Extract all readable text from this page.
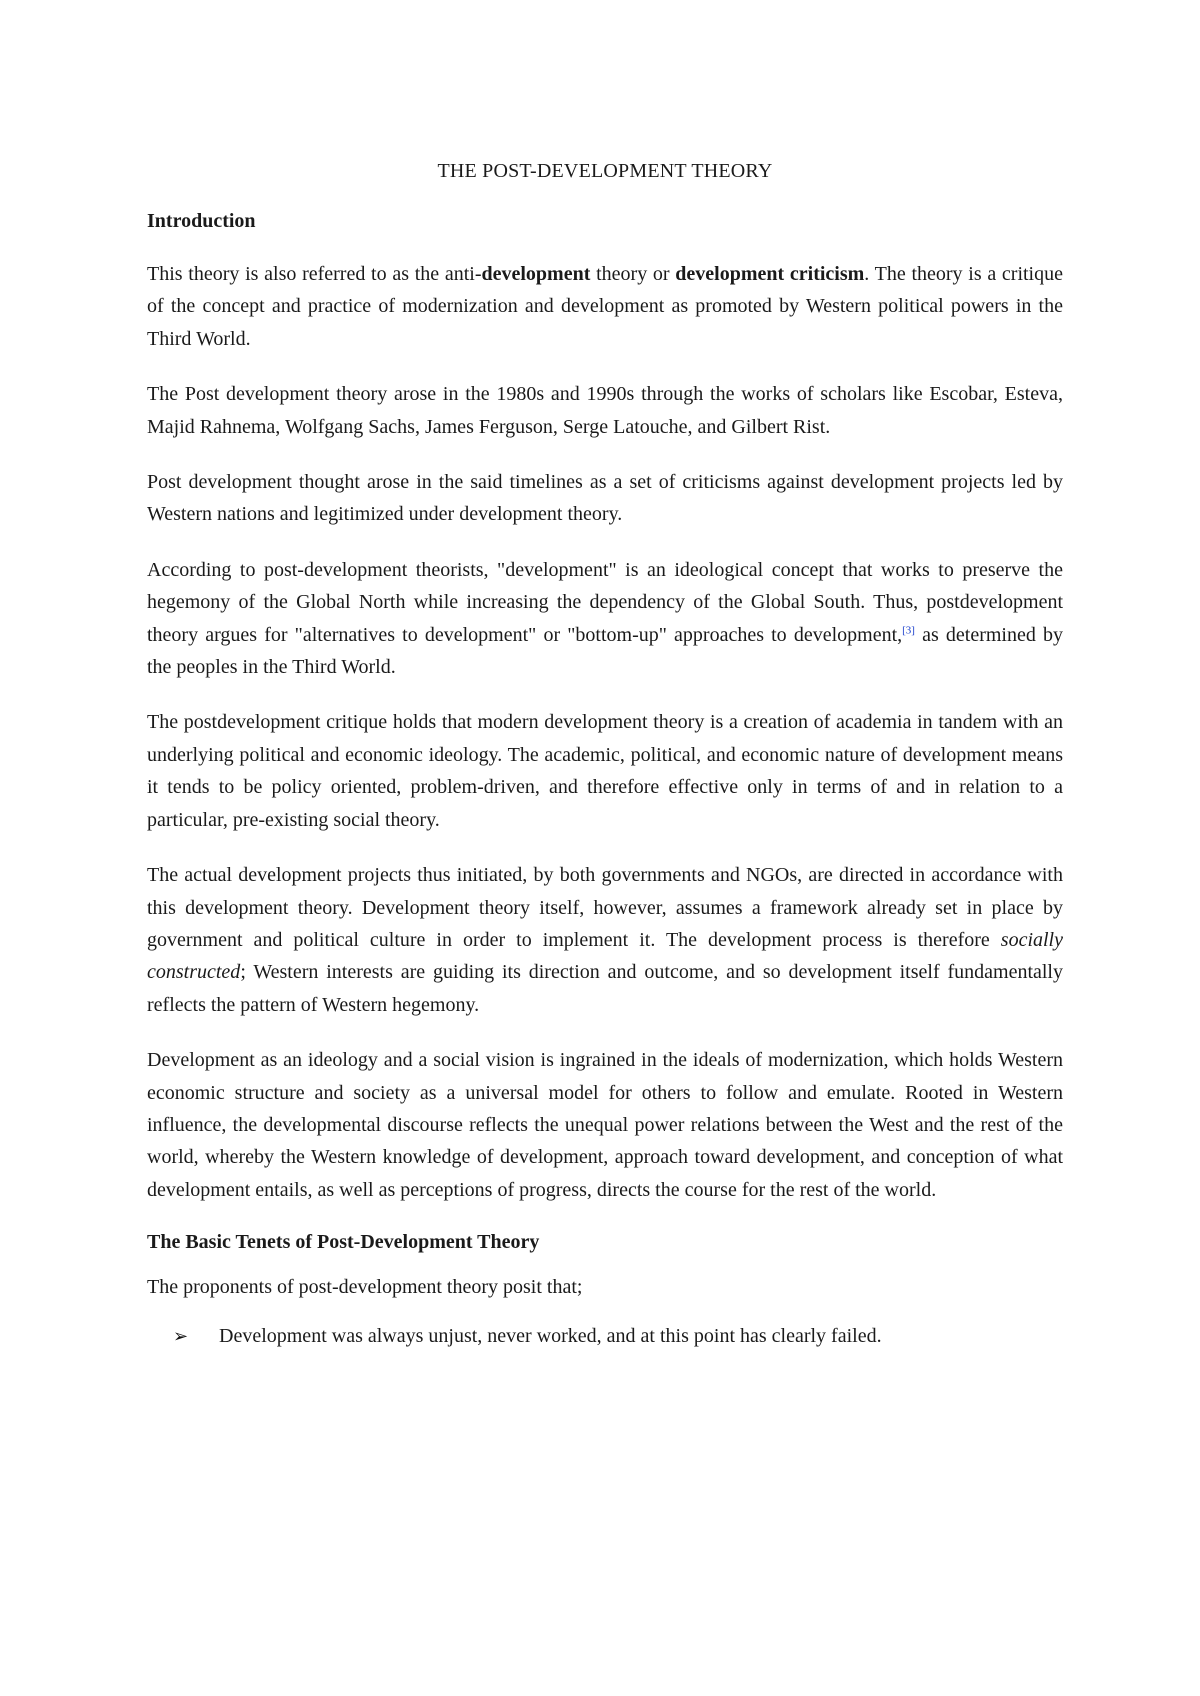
THE POST-DEVELOPMENT THEORY
Introduction

This theory is also referred to as the anti-development theory or development criticism. The theory is a critique of the concept and practice of modernization and development as promoted by Western political powers in the Third World.

The Post development theory arose in the 1980s and 1990s through the works of scholars like Escobar, Esteva, Majid Rahnema, Wolfgang Sachs, James Ferguson, Serge Latouche, and Gilbert Rist.

Post development thought arose in the said timelines as a set of criticisms against development projects led by Western nations and legitimized under development theory.

According to post-development theorists, "development" is an ideological concept that works to preserve the hegemony of the Global North while increasing the dependency of the Global South. Thus, postdevelopment theory argues for "alternatives to development" or "bottom-up" approaches to development,[3] as determined by the peoples in the Third World.

The postdevelopment critique holds that modern development theory is a creation of academia in tandem with an underlying political and economic ideology. The academic, political, and economic nature of development means it tends to be policy oriented, problem-driven, and therefore effective only in terms of and in relation to a particular, pre-existing social theory.

The actual development projects thus initiated, by both governments and NGOs, are directed in accordance with this development theory. Development theory itself, however, assumes a framework already set in place by government and political culture in order to implement it. The development process is therefore socially constructed; Western interests are guiding its direction and outcome, and so development itself fundamentally reflects the pattern of Western hegemony.

Development as an ideology and a social vision is ingrained in the ideals of modernization, which holds Western economic structure and society as a universal model for others to follow and emulate. Rooted in Western influence, the developmental discourse reflects the unequal power relations between the West and the rest of the world, whereby the Western knowledge of development, approach toward development, and conception of what development entails, as well as perceptions of progress, directs the course for the rest of the world.

The Basic Tenets of Post-Development Theory

The proponents of post-development theory posit that;

➢	Development was always unjust, never worked, and at this point has clearly failed.
